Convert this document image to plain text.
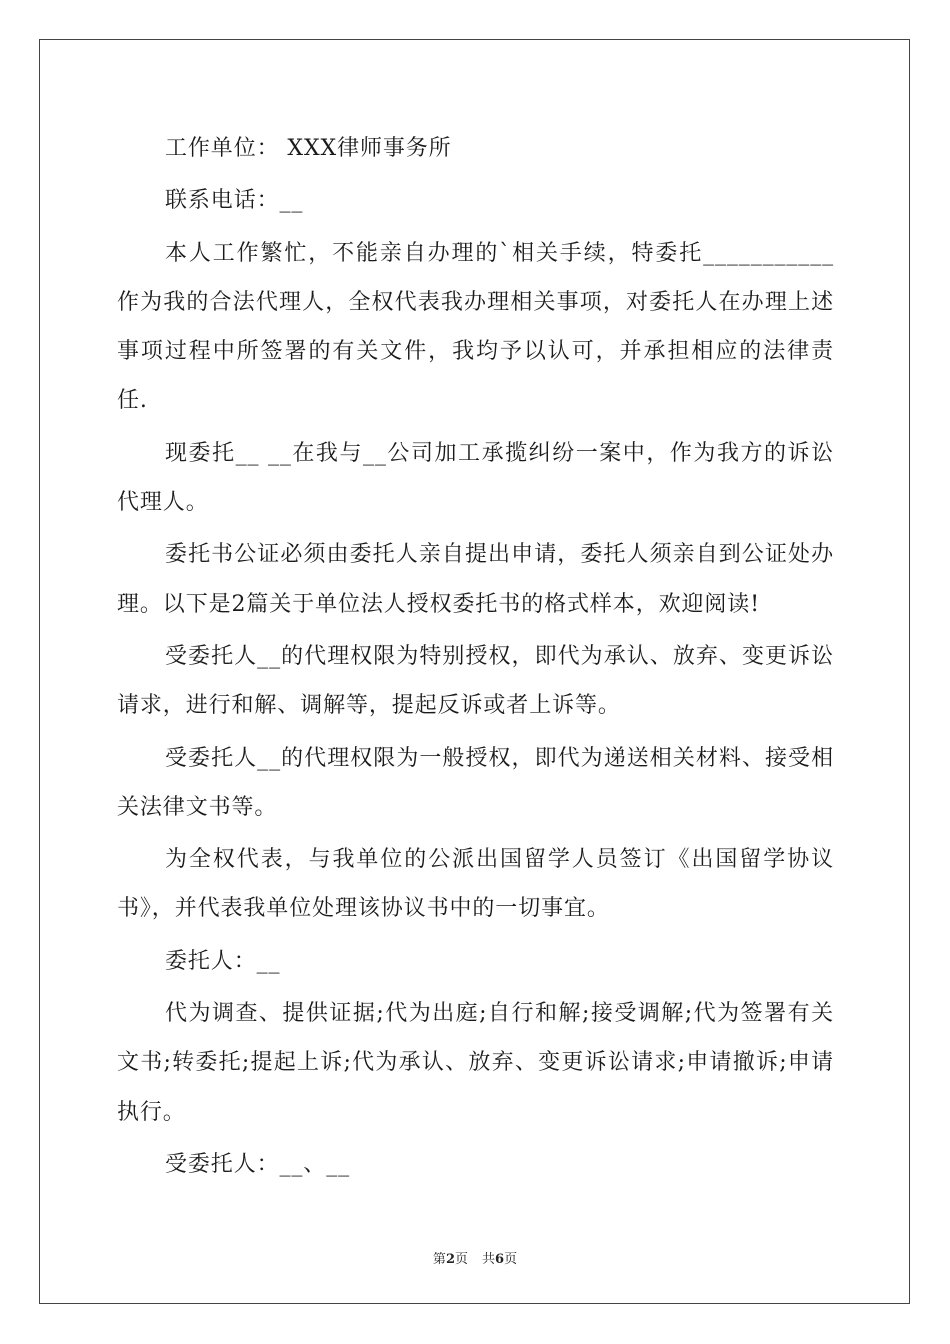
工作单位： XXX律师事务所

联系电话：__

本人工作繁忙，不能亲自办理的`相关手续，特委托___________作为我的合法代理人，全权代表我办理相关事项，对委托人在办理上述事项过程中所签署的有关文件，我均予以认可，并承担相应的法律责任.

现委托__ __在我与__公司加工承揽纠纷一案中，作为我方的诉讼代理人。

委托书公证必须由委托人亲自提出申请，委托人须亲自到公证处办理。以下是2篇关于单位法人授权委托书的格式样本，欢迎阅读!

受委托人__的代理权限为特别授权，即代为承认、放弃、变更诉讼请求，进行和解、调解等，提起反诉或者上诉等。

受委托人__的代理权限为一般授权，即代为递送相关材料、接受相关法律文书等。

为全权代表，与我单位的公派出国留学人员签订《出国留学协议书》，并代表我单位处理该协议书中的一切事宜。

委托人：__

代为调查、提供证据;代为出庭;自行和解;接受调解;代为签署有关文书;转委托;提起上诉;代为承认、放弃、变更诉讼请求;申请撤诉;申请执行。

受委托人：__、__

第2页 共6页
